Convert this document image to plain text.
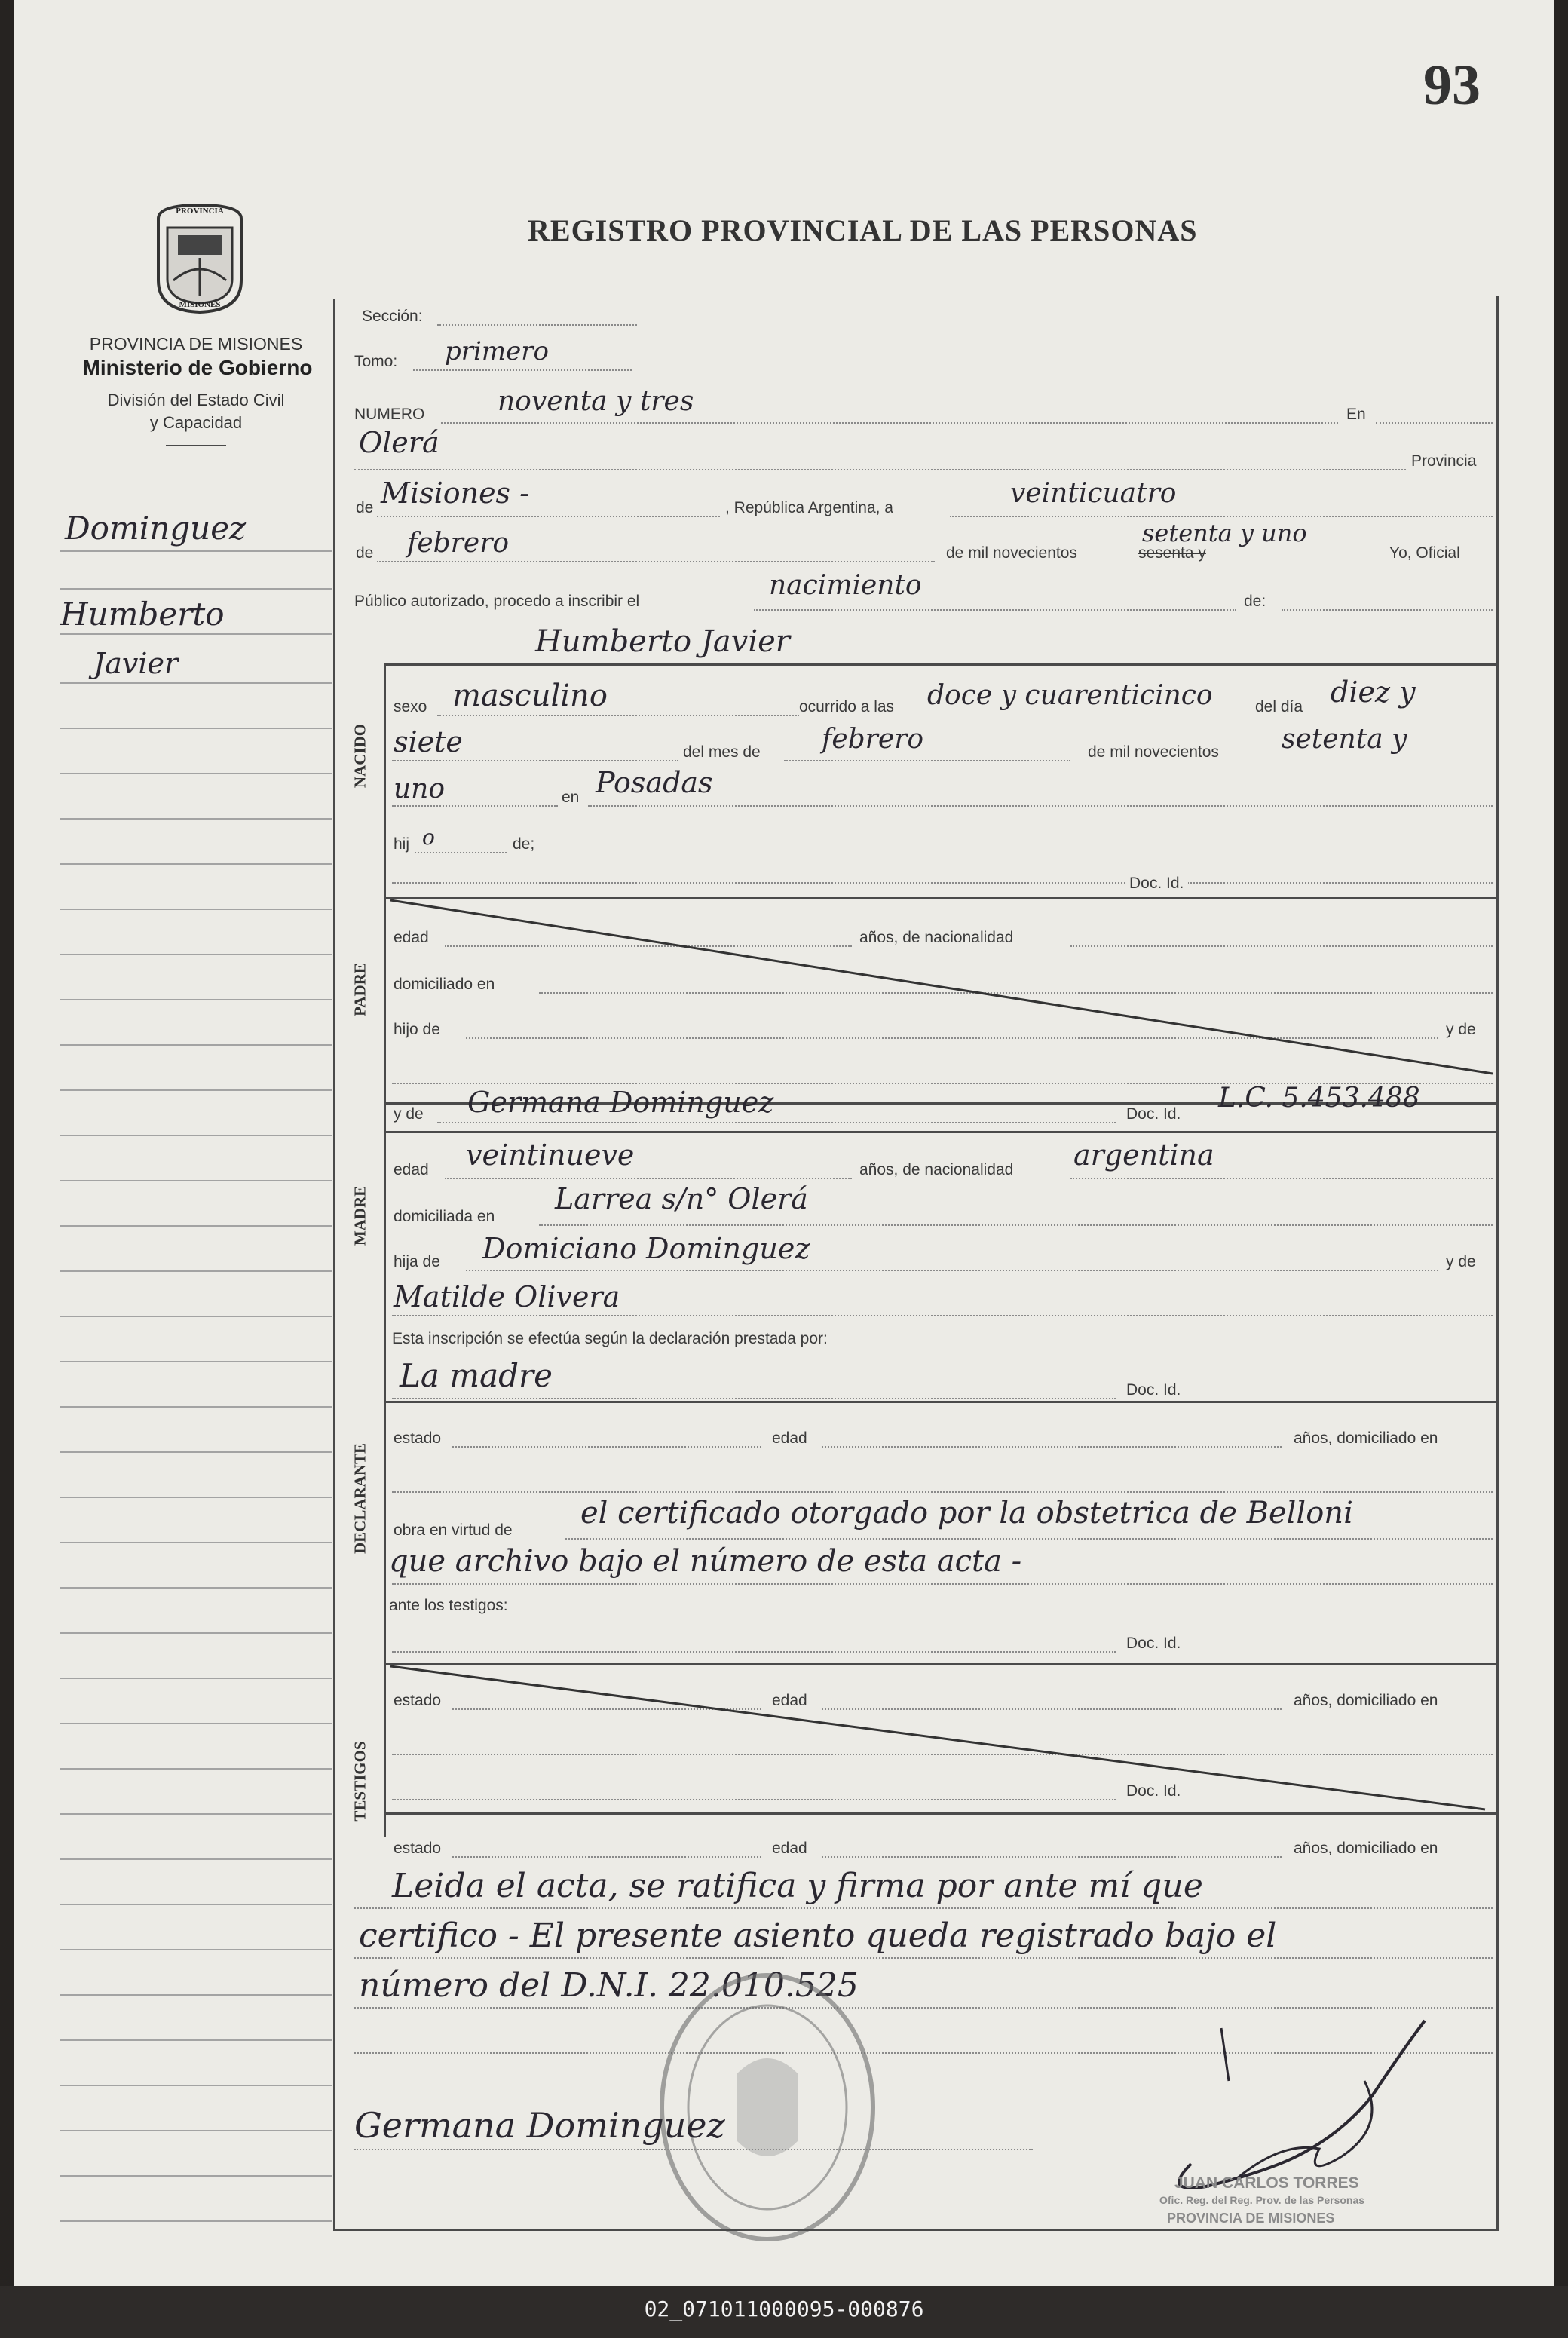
93
PROVINCIA
MISIONES
PROVINCIA DE MISIONES
Ministerio de Gobierno
División del Estado Civil
y Capacidad
REGISTRO PROVINCIAL DE LAS PERSONAS
Dominguez
Humberto
Javier
Sección:
Tomo: primero
NUMERO	noventa y tres	En
Olerá
Provincia
de Misiones -	, República Argentina, a	veinticuatro
de febrero	de mil novecientos	sesenta y
setenta y uno
Yo, Oficial
Público autorizado, procedo a inscribir el
nacimiento
de:
Humberto Javier
NACIDO
sexo masculino	ocurrido a las doce y cuarenticinco	del día diez y
siete	del mes de febrero	de mil novecientos setenta y
uno	en Posadas
hij o	de;
Doc. Id.
PADRE
edad	años, de nacionalidad
domiciliado en
hijo de	y de
y de Germana Dominguez	Doc. Id.
L.C. 5.453.488
MADRE
edad veintinueve	años, de nacionalidad argentina
domiciliada en
Larrea s/n° Olerá
hija de Domiciano Dominguez	y de
Matilde Olivera
Esta inscripción se efectúa según la declaración prestada por:
La madre	Doc. Id.
DECLARANTE
estado	edad	años, domiciliado en
obra en virtud de el certificado otorgado por la obstetrica de Belloni
que archivo bajo el número de esta acta -
ante los testigos:
Doc. Id.
TESTIGOS
estado	edad	años, domiciliado en
Doc. Id.
estado	edad	años, domiciliado en
Leida el acta, se ratifica y firma por ante mí que
certifico - El presente asiento queda registrado bajo el
número del D.N.I. 22.010.525
Germana Dominguez
JUAN CARLOS TORRES
Ofic. Reg. del Reg. Prov. de las Personas
PROVINCIA DE MISIONES
02_071011000095-000876
